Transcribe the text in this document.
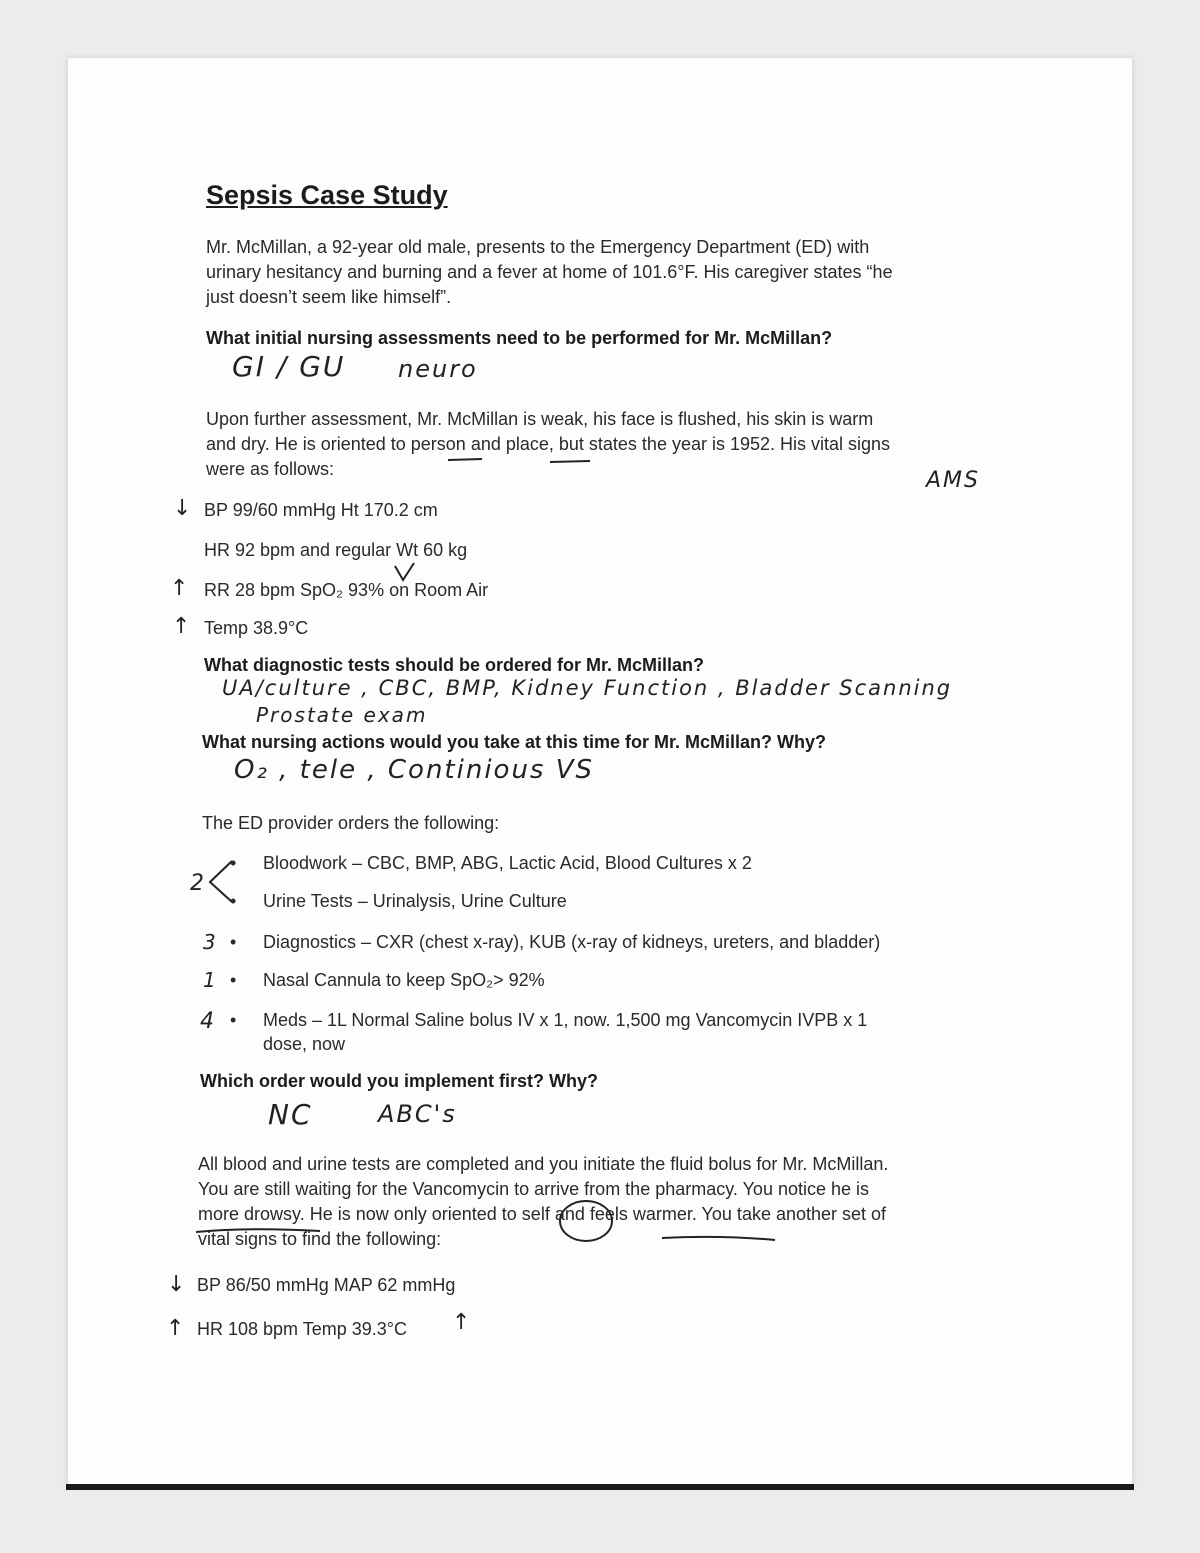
Sepsis Case Study
Mr. McMillan, a 92-year old male, presents to the Emergency Department (ED) with
urinary hesitancy and burning and a fever at home of 101.6°F. His caregiver states “he
just doesn’t seem like himself”.
What initial nursing assessments need to be performed for Mr. McMillan?
GI / GU neuro
Upon further assessment, Mr. McMillan is weak, his face is flushed, his skin is warm
and dry. He is oriented to person and place, but states the year is 1952. His vital signs
were as follows:	AMS
↓ BP 99/60 mmHg Ht 170.2 cm
HR 92 bpm and regular Wt 60 kg
↑ RR 28 bpm SpO₂ 93% on Room Air
↑ Temp 38.9°C
What diagnostic tests should be ordered for Mr. McMillan?
UA/culture , CBC, BMP, Kidney Function , Bladder Scanning
Prostate exam
What nursing actions would you take at this time for Mr. McMillan? Why?
O₂ , tele , Continious VS
The ED provider orders the following:
2
• Bloodwork – CBC, BMP, ABG, Lactic Acid, Blood Cultures x 2
• Urine Tests – Urinalysis, Urine Culture
3 • Diagnostics – CXR (chest x-ray), KUB (x-ray of kidneys, ureters, and bladder)
1 • Nasal Cannula to keep SpO₂> 92%
4 • Meds – 1L Normal Saline bolus IV x 1, now. 1,500 mg Vancomycin IVPB x 1
dose, now
Which order would you implement first? Why?
NC	ABC's
All blood and urine tests are completed and you initiate the fluid bolus for Mr. McMillan.
You are still waiting for the Vancomycin to arrive from the pharmacy. You notice he is
more drowsy. He is now only oriented to self and feels warmer. You take another set of
vital signs to find the following:
↓ BP 86/50 mmHg MAP 62 mmHg
↑ HR 108 bpm Temp 39.3°C ↑
